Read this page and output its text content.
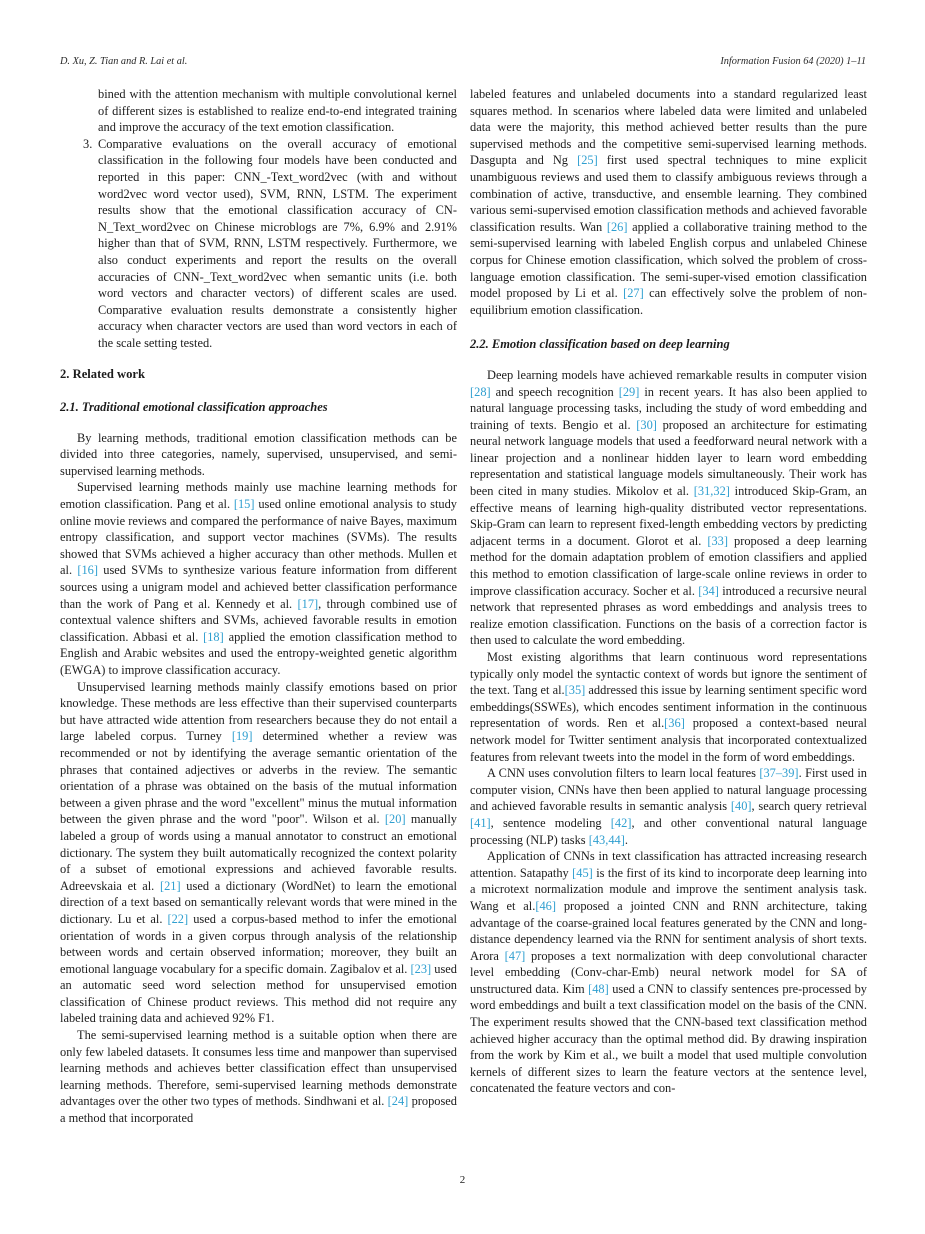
D. Xu, Z. Tian and R. Lai et al.	Information Fusion 64 (2020) 1–11
bined with the attention mechanism with multiple convolutional kernel of different sizes is established to realize end-to-end integrated training and improve the accuracy of the text emotion classification.
3. Comparative evaluations on the overall accuracy of emotional classification in the following four models have been conducted and reported in this paper: CNN_-Text_word2vec (with and without word2vec word vector used), SVM, RNN, LSTM. The experiment results show that the emotional classification accuracy of CN-N_Text_word2vec on Chinese microblogs are 7%, 6.9% and 2.91% higher than that of SVM, RNN, LSTM respectively. Furthermore, we also conduct experiments and report the results on the overall accuracies of CNN-_Text_word2vec when semantic units (i.e. both word vectors and character vectors) of different scales are used. Comparative evaluation results demonstrate a consistently higher accuracy when character vectors are used than word vectors in each of the scale setting tested.
2. Related work
2.1. Traditional emotional classification approaches

By learning methods, traditional emotion classification methods can be divided into three categories, namely, supervised, unsupervised, and semi-supervised learning methods.

Supervised learning methods mainly use machine learning methods for emotion classification. Pang et al. [15] used online emotional analysis to study online movie reviews and compared the performance of naive Bayes, maximum entropy classification, and support vector machines (SVMs). The results showed that SVMs achieved a higher accuracy than other methods. Mullen et al. [16] used SVMs to synthesize various feature information from different sources using a unigram model and achieved better classification performance than the work of Pang et al. Kennedy et al. [17], through combined use of contextual valence shifters and SVMs, achieved favorable results in emotion classification. Abbasi et al. [18] applied the emotion classification method to English and Arabic websites and used the entropy-weighted genetic algorithm (EWGA) to improve classification accuracy.

Unsupervised learning methods mainly classify emotions based on prior knowledge. These methods are less effective than their supervised counterparts but have attracted wide attention from researchers because they do not entail a large labeled corpus. Turney [19] determined whether a review was recommended or not by identifying the average semantic orientation of the phrases that contained adjectives or adverbs in the review. The semantic orientation of a phrase was obtained on the basis of the mutual information between a given phrase and the word "excellent" minus the mutual information between the given phrase and the word "poor". Wilson et al. [20] manually labeled a group of words using a manual annotator to construct an emotional dictionary. The system they built automatically recognized the context polarity of a subset of emotional expressions and achieved favorable results. Adreevskaia et al. [21] used a dictionary (WordNet) to learn the emotional direction of a text based on semantically relevant words that were mined in the dictionary. Lu et al. [22] used a corpus-based method to infer the emotional orientation of words in a given corpus through analysis of the relationship between words and certain observed information; moreover, they built an emotional language vocabulary for a specific domain. Zagibalov et al. [23] used an automatic seed word selection method for unsupervised emotion classification of Chinese product reviews. This method did not require any labeled training data and achieved 92% F1.

The semi-supervised learning method is a suitable option when there are only few labeled datasets. It consumes less time and manpower than supervised learning methods and achieves better classification effect than unsupervised learning methods. Therefore, semi-supervised learning methods demonstrate advantages over the other two types of methods. Sindhwani et al. [24] proposed a method that incorporated

labeled features and unlabeled documents into a standard regularized least squares method. In scenarios where labeled data were limited and unlabeled data were the majority, this method achieved better results than the pure supervised methods and the competitive semi-supervised learning methods. Dasgupta and Ng [25] first used spectral techniques to mine explicit unambiguous reviews and used them to classify ambiguous reviews through a combination of active, transductive, and ensemble learning. They combined various semi-supervised emotion classification methods and achieved favorable classification results. Wan [26] applied a collaborative training method to the semi-supervised learning with labeled English corpus and unlabeled Chinese corpus for Chinese emotion classification, which solved the problem of cross-language emotion classification. The semi-super-vised emotion classification model proposed by Li et al. [27] can effectively solve the problem of non-equilibrium emotion classification.

2.2. Emotion classification based on deep learning

Deep learning models have achieved remarkable results in computer vision [28] and speech recognition [29] in recent years. It has also been applied to natural language processing tasks, including the study of word embedding and training of texts. Bengio et al. [30] proposed an architecture for estimating neural network language models that used a feedforward neural network with a linear projection and a nonlinear hidden layer to learn word embedding representation and statistical language models simultaneously. Their work has been cited in many studies. Mikolov et al. [31,32] introduced Skip-Gram, an effective means of learning high-quality distributed vector representations. Skip-Gram can learn to represent fixed-length embedding vectors by predicting adjacent terms in a document. Glorot et al. [33] proposed a deep learning method for the domain adaptation problem of emotion classifiers and applied this method to emotion classification of large-scale online reviews in order to improve classification accuracy. Socher et al. [34] introduced a recursive neural network that represented phrases as word embeddings and analysis trees to realize emotion classification. Functions on the basis of a correction factor is then used to calculate the word embedding.

Most existing algorithms that learn continuous word representations typically only model the syntactic context of words but ignore the sentiment of the text. Tang et al.[35] addressed this issue by learning sentiment specific word embeddings(SSWEs), which encodes sentiment information in the continuous representation of words. Ren et al.[36] proposed a context-based neural network model for Twitter sentiment analysis that incorporated contextualized features from relevant tweets into the model in the form of word embeddings.

A CNN uses convolution filters to learn local features [37–39]. First used in computer vision, CNNs have then been applied to natural language processing and achieved favorable results in semantic analysis [40], search query retrieval [41], sentence modeling [42], and other conventional natural language processing (NLP) tasks [43,44].

Application of CNNs in text classification has attracted increasing research attention. Satapathy [45] is the first of its kind to incorporate deep learning into a microtext normalization module and improve the sentiment analysis task. Wang et al.[46] proposed a jointed CNN and RNN architecture, taking advantage of the coarse-grained local features generated by the CNN and long-distance dependency learned via the RNN for sentiment analysis of short texts. Arora [47] proposes a text normalization with deep convolutional character level embedding (Conv-char-Emb) neural network model for SA of unstructured data. Kim [48] used a CNN to classify sentences pre-processed by word embeddings and built a text classification model on the basis of the CNN. The experiment results showed that the CNN-based text classification method achieved higher accuracy than the optimal method did. By drawing inspiration from the work by Kim et al., we built a model that used multiple convolution kernels of different sizes to learn the feature vectors at the sentence level, concatenated the feature vectors and con-

2
